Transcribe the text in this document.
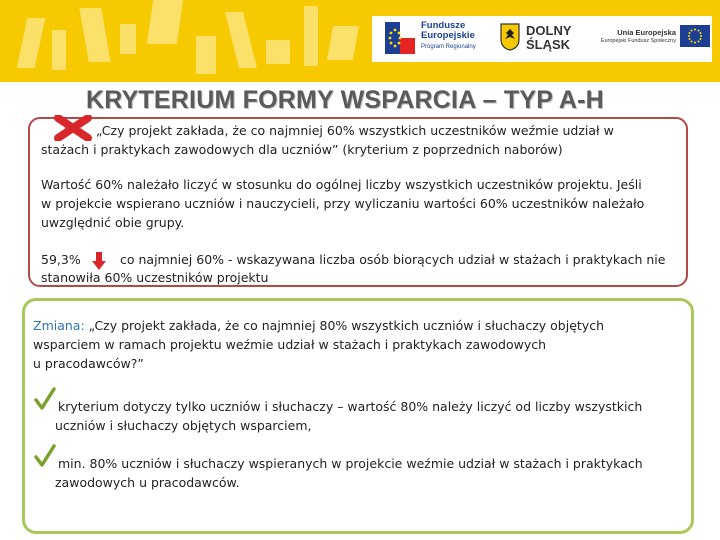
Fundusze
Europejskie
Program Regionalny
DOLNY
ŚLĄSK
Unia Europejska
Europejski Fundusz Społeczny
KRYTERIUM FORMY WSPARCIA – TYP A-H
„Czy projekt zakłada, że co najmniej 60% wszystkich uczestników weźmie udział w
stażach i praktykach zawodowych dla uczniów” (kryterium z poprzednich naborów)
Wartość 60% należało liczyć w stosunku do ogólnej liczby wszystkich uczestników projektu. Jeśli
w projekcie wspierano uczniów i nauczycieli, przy wyliczaniu wartości 60% uczestników należało
uwzględnić obie grupy.
59,3%	co najmniej 60% - wskazywana liczba osób biorących udział w stażach i praktykach nie
stanowiła 60% uczestników projektu
Zmiana: „Czy projekt zakłada, że co najmniej 80% wszystkich uczniów i słuchaczy objętych
wsparciem w ramach projektu weźmie udział w stażach i praktykach zawodowych
u pracodawców?”
kryterium dotyczy tylko uczniów i słuchaczy – wartość 80% należy liczyć od liczby wszystkich
uczniów i słuchaczy objętych wsparciem,
min. 80% uczniów i słuchaczy wspieranych w projekcie weźmie udział w stażach i praktykach
zawodowych u pracodawców.
